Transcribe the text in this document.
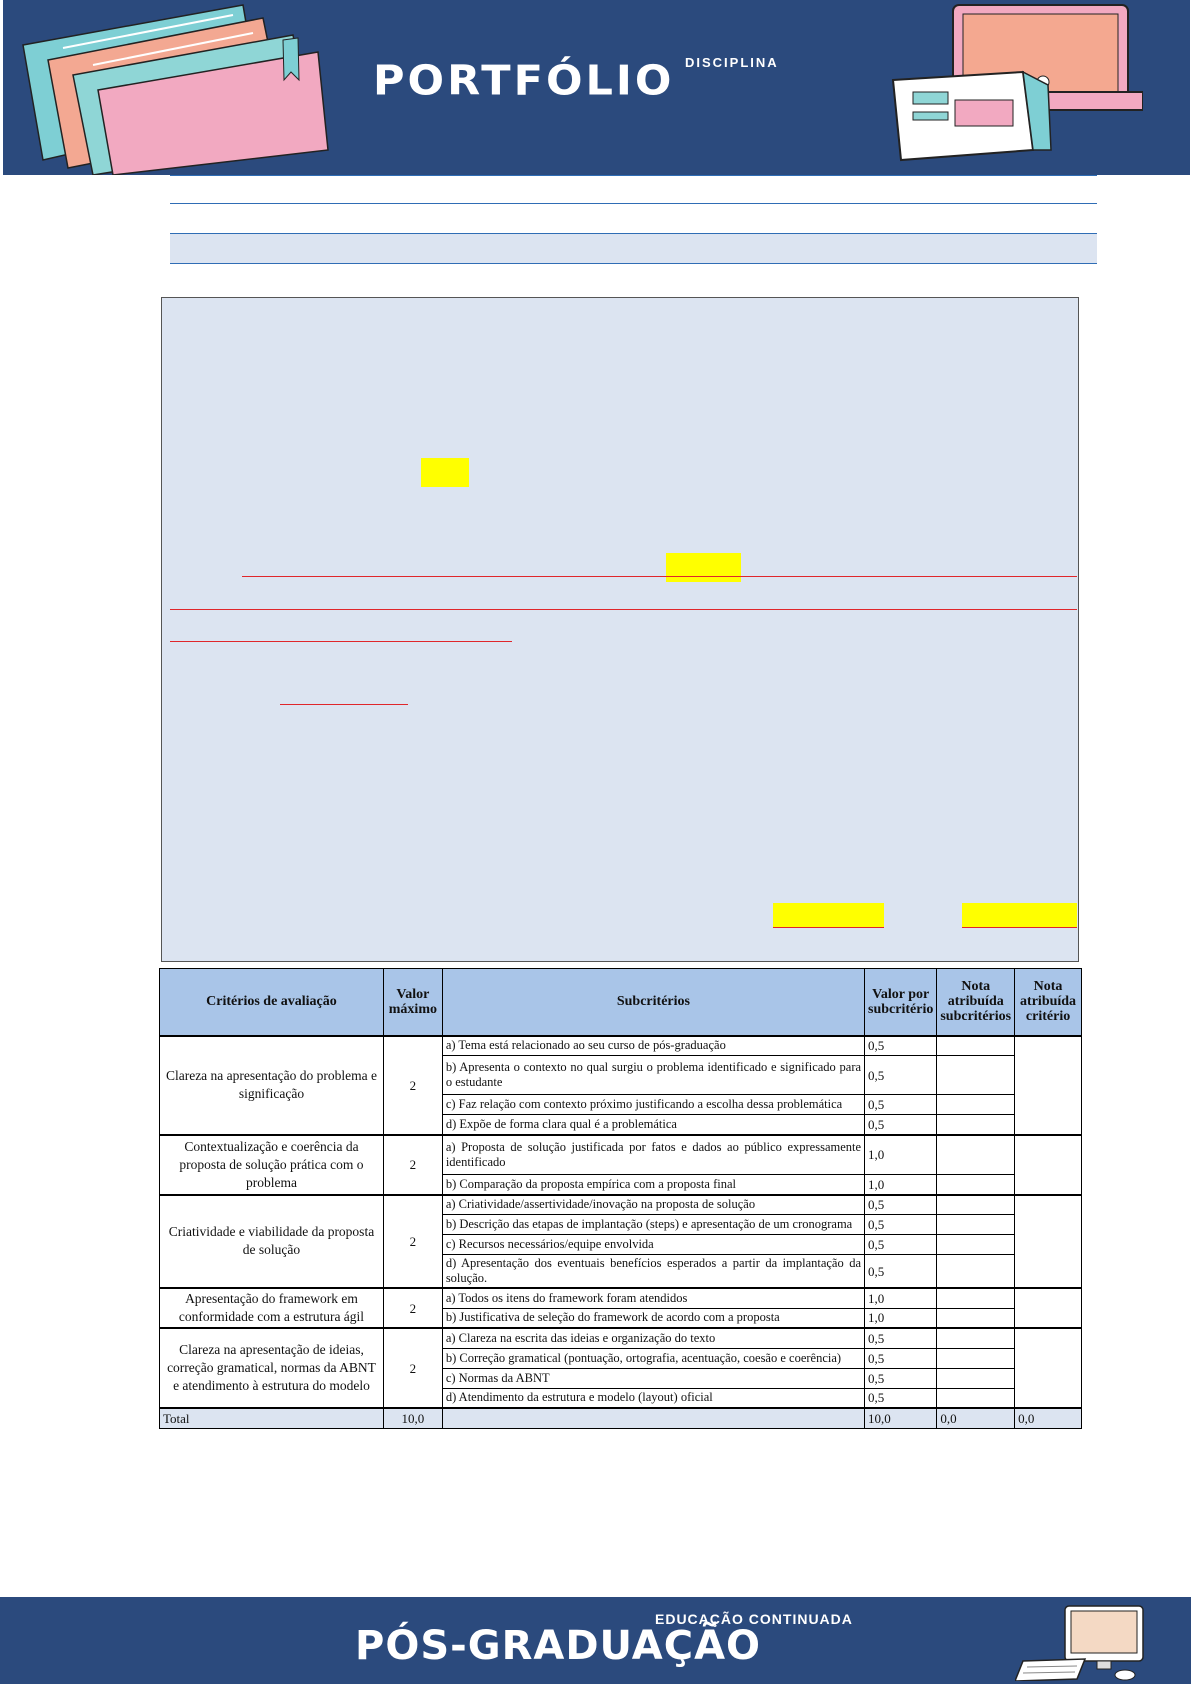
DISCIPLINA
PORTFÓLIO
Critérios de avaliação	Valor máximo	Subcritérios	Valor por subcritério	Nota atribuída subcritérios	Nota atribuída critério
Clareza na apresentação do problema e significação	2	a) Tema está relacionado ao seu curso de pós-graduação	0,5		
		b) Apresenta o contexto no qual surgiu o problema identificado e significado para o estudante	0,5		
		c) Faz relação com contexto próximo justificando a escolha dessa problemática	0,5		
		d) Expõe de forma clara qual é a problemática	0,5		
Contextualização e coerência da proposta de solução prática com o problema	2	a) Proposta de solução justificada por fatos e dados ao público expressamente identificado	1,0		
		b) Comparação da proposta empírica com a proposta final	1,0		
Criatividade e viabilidade da proposta de solução	2	a) Criatividade/assertividade/inovação na proposta de solução	0,5		
		b) Descrição das etapas de implantação (steps) e apresentação de um cronograma	0,5		
		c) Recursos necessários/equipe envolvida	0,5		
		d) Apresentação dos eventuais benefícios esperados a partir da implantação da solução.	0,5		
Apresentação do framework em conformidade com a estrutura ágil	2	a) Todos os itens do framework foram atendidos	1,0		
		b) Justificativa de seleção do framework de acordo com a proposta	1,0		
Clareza na apresentação de ideias, correção gramatical, normas da ABNT e atendimento à estrutura do modelo	2	a) Clareza na escrita das ideias e organização do texto	0,5		
		b) Correção gramatical (pontuação, ortografia, acentuação, coesão e coerência)	0,5		
		c) Normas da ABNT	0,5		
		d) Atendimento da estrutura e modelo (layout) oficial	0,5		
Total	10,0		10,0	0,0	0,0
EDUCAÇÃO CONTINUADA
PÓS-GRADUAÇÃO
